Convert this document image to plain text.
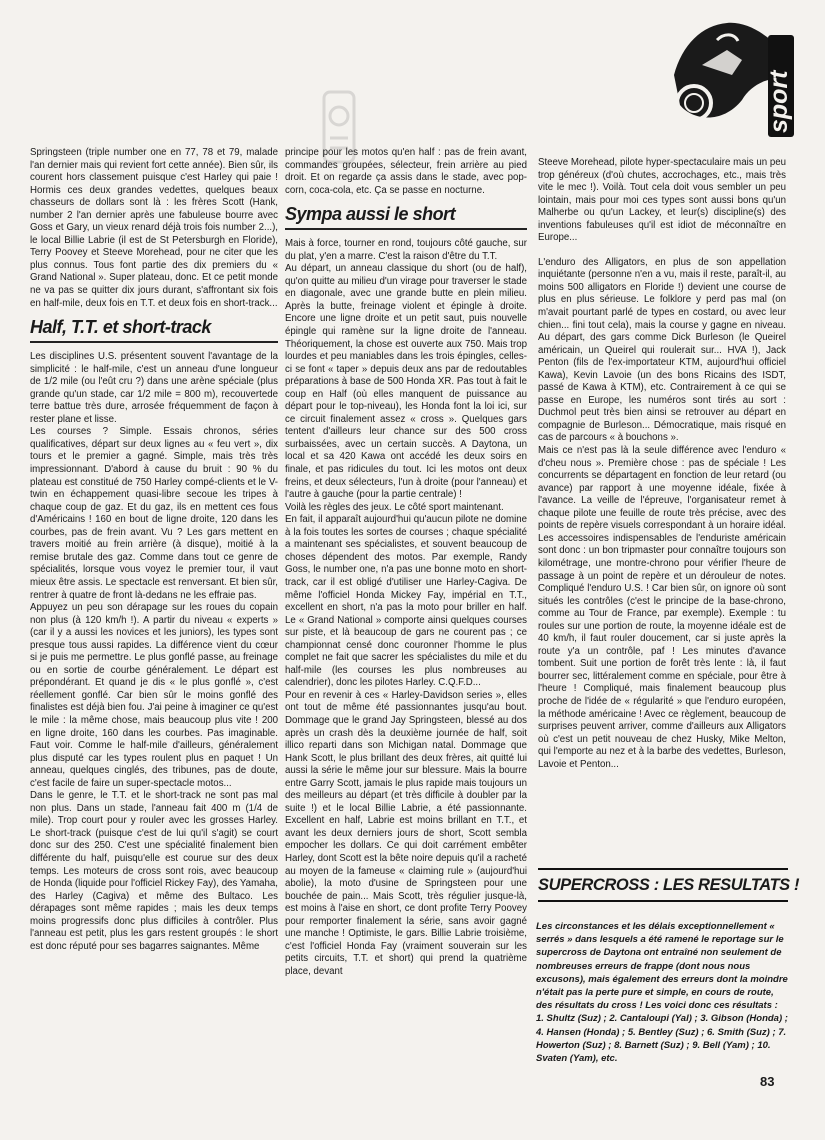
sport

Springsteen (triple number one en 77, 78 et 79, malade l'an dernier mais qui revient fort cette année). Bien sûr, ils courent hors classement puisque c'est Harley qui paie ! Hormis ces deux grandes vedettes, quelques beaux chasseurs de dollars sont là : les frères Scott (Hank, number 2 l'an dernier après une fabuleuse bourre avec Goss et Gary, un vieux renard déjà trois fois number 2...), le local Billie Labrie (il est de St Petersburgh en Floride), Terry Poovey et Steeve Morehead, pour ne citer que les plus connus. Tous font partie des dix premiers du « Grand National ». Super plateau, donc. Et ce petit monde ne va pas se quitter dix jours durant, s'affrontant six fois en half-mile, deux fois en T.T. et deux fois en short-track...

Half, T.T. et short-track

Les disciplines U.S. présentent souvent l'avantage de la simplicité : le half-mile, c'est un anneau d'une longueur de 1/2 mile (ou l'eût cru ?) dans une arène spéciale (plus grande qu'un stade, car 1/2 mile = 800 m), recouvertede terre battue très dure, arrosée fréquemment de façon à rester plane et lisse.

Les courses ? Simple. Essais chronos, séries qualificatives, départ sur deux lignes au « feu vert », dix tours et le premier a gagné. Simple, mais très très impressionnant. D'abord à cause du bruit : 90 % du plateau est constitué de 750 Harley compé-clients et le V-twin en échappement quasi-libre secoue les tripes à chaque coup de gaz. Et du gaz, ils en mettent ces fous d'Américains ! 160 en bout de ligne droite, 120 dans les courbes, pas de frein avant. Vu ? Les gars mettent en travers moitié au frein arrière (à disque), moitié à la remise brutale des gaz. Comme dans tout ce genre de spécialités, lorsque vous voyez le premier tour, il vaut mieux être assis. Le spectacle est renversant. Et bien sûr, rentrer à quatre de front là-dedans ne les effraie pas.

Appuyez un peu son dérapage sur les roues du copain non plus (à 120 km/h !). A partir du niveau « experts » (car il y a aussi les novices et les juniors), les types sont presque tous aussi rapides. La différence vient du cœur si je puis me permettre. Le plus gonflé passe, au freinage ou en sortie de courbe généralement. Le départ est prépondérant. Et quand je dis « le plus gonflé », c'est réellement gonflé. Car bien sûr le moins gonflé des finalistes est déjà bien fou. J'ai peine à imaginer ce qu'est le mile : la même chose, mais beaucoup plus vite ! 200 en ligne droite, 160 dans les courbes. Pas imaginable. Faut voir. Comme le half-mile d'ailleurs, généralement plus disputé car les types roulent plus en paquet ! Un anneau, quelques cinglés, des tribunes, pas de doute, c'est facile de faire un super-spectacle motos...

Dans le genre, le T.T. et le short-track ne sont pas mal non plus. Dans un stade, l'anneau fait 400 m (1/4 de mile). Trop court pour y rouler avec les grosses Harley. Le short-track (puisque c'est de lui qu'il s'agit) se court donc sur des 250. C'est une spécialité finalement bien différente du half, puisqu'elle est courue sur des deux temps. Les moteurs de cross sont rois, avec beaucoup de Honda (liquide pour l'officiel Rickey Fay), des Yamaha, des Harley (Cagiva) et même des Bultaco. Les dérapages sont même rapides ; mais les deux temps moins progressifs donc plus difficiles à contrôler. Plus l'anneau est petit, plus les gars restent groupés : le short est donc réputé pour ses bagarres saignantes. Même

principe pour les motos qu'en half : pas de frein avant, commandes groupées, sélecteur, frein arrière au pied droit. Et on regarde ça assis dans le stade, avec pop-corn, coca-cola, etc. Ça se passe en nocturne.

Sympa aussi le short

Mais à force, tourner en rond, toujours côté gauche, sur du plat, y'en a marre. C'est la raison d'être du T.T.

Au départ, un anneau classique du short (ou de half), qu'on quitte au milieu d'un virage pour traverser le stade en diagonale, avec une grande butte en plein milieu. Après la butte, freinage violent et épingle à droite. Encore une ligne droite et un petit saut, puis nouvelle épingle qui ramène sur la ligne droite de l'anneau. Théoriquement, la chose est ouverte aux 750. Mais trop lourdes et peu maniables dans les trois épingles, celles-ci se font « taper » depuis deux ans par de redoutables préparations à base de 500 Honda XR. Pas tout à fait le coup en Half (où elles manquent de puissance au départ pour le top-niveau), les Honda font la loi ici, sur ce circuit finalement assez « cross ». Quelques gars tentent d'ailleurs leur chance sur des 500 cross surbaissées, avec un certain succès. A Daytona, un local et sa 420 Kawa ont accédé les deux soirs en finale, et pas ridicules du tout. Ici les motos ont deux freins, et deux sélecteurs, l'un à droite (pour l'anneau) et l'autre à gauche (pour la partie centrale) !

Voilà les règles des jeux. Le côté sport maintenant.

En fait, il apparaît aujourd'hui qu'aucun pilote ne domine à la fois toutes les sortes de courses ; chaque spécialité a maintenant ses spécialistes, et souvent beaucoup de choses dépendent des motos. Par exemple, Randy Goss, le number one, n'a pas une bonne moto en short-track, car il est obligé d'utiliser une Harley-Cagiva. De même l'officiel Honda Mickey Fay, impérial en T.T., excellent en short, n'a pas la moto pour briller en half. Le « Grand National » comporte ainsi quelques courses sur piste, et là beaucoup de gars ne courent pas ; ce championnat censé donc couronner l'homme le plus complet ne fait que sacrer les spécialistes du mile et du half-mile (les courses les plus nombreuses au calendrier), donc les pilotes Harley. C.Q.F.D...

Pour en revenir à ces « Harley-Davidson series », elles ont tout de même été passionnantes jusqu'au bout. Dommage que le grand Jay Springsteen, blessé au dos après un crash dès la deuxième journée de half, soit illico reparti dans son Michigan natal. Dommage que Hank Scott, le plus brillant des deux frères, ait quitté lui aussi la série le même jour sur blessure. Mais la bourre entre Garry Scott, jamais le plus rapide mais toujours un des meilleurs au départ (et très difficile à doubler par la suite !) et le local Billie Labrie, a été passionnante. Excellent en half, Labrie est moins brillant en T.T., et avant les deux derniers jours de short, Scott sembla empocher les dollars. Ce qui doit carrément embêter Harley, dont Scott est la bête noire depuis qu'il a racheté au moyen de la fameuse « claiming rule » (aujourd'hui abolie), la moto d'usine de Springsteen pour une bouchée de pain... Mais Scott, très régulier jusque-là, est moins à l'aise en short, ce dont profite Terry Poovey pour remporter finalement la série, sans avoir gagné une manche ! Optimiste, le gars. Billie Labrie troisième, c'est l'officiel Honda Fay (vraiment souverain sur les petits circuits, T.T. et short) qui prend la quatrième place, devant

Steeve Morehead, pilote hyper-spectaculaire mais un peu trop généreux (d'où chutes, accrochages, etc., mais très vite le mec !). Voilà. Tout cela doit vous sembler un peu lointain, mais pour moi ces types sont aussi bons qu'un Malherbe ou qu'un Lackey, et leur(s) discipline(s) des inventions fabuleuses qu'il est idiot de méconnaître en Europe...

L'enduro des Alligators, en plus de son appellation inquiétante (personne n'en a vu, mais il reste, paraît-il, au moins 500 alligators en Floride !) devient une course de plus en plus sérieuse. Le folklore y perd pas mal (on m'avait pourtant parlé de types en costard, ou avec leur chien... fini tout cela), mais la course y gagne en niveau. Au départ, des gars comme Dick Burleson (le Queirel américain, un Queirel qui roulerait sur... HVA !), Jack Penton (fils de l'ex-importateur KTM, aujourd'hui officiel Kawa), Kevin Lavoie (un des bons Ricains des ISDT, passé de Kawa à KTM), etc. Contrairement à ce qui se passe en Europe, les numéros sont tirés au sort : Duchmol peut très bien ainsi se retrouver au départ en compagnie de Burleson... Démocratique, mais risqué en cas de parcours « à bouchons ».

Mais ce n'est pas là la seule différence avec l'enduro « d'cheu nous ». Première chose : pas de spéciale ! Les concurrents se départagent en fonction de leur retard (ou avance) par rapport à une moyenne idéale, fixée à l'avance. La veille de l'épreuve, l'organisateur remet à chaque pilote une feuille de route très précise, avec des points de repère visuels correspondant à un horaire idéal. Les accessoires indispensables de l'enduriste américain sont donc : un bon tripmaster pour connaître toujours son kilométrage, une montre-chrono pour vérifier l'heure de passage à un point de repère et un dérouleur de notes. Compliqué l'enduro U.S. ! Car bien sûr, on ignore où sont situés les contrôles (c'est le principe de la base-chrono, comme au Tour de France, par exemple). Exemple : tu roules sur une portion de route, la moyenne idéale est de 40 km/h, il faut rouler doucement, car si juste après la route y'a un contrôle, paf ! Les minutes d'avance tombent. Suit une portion de forêt très lente : là, il faut bourrer sec, littéralement comme en spéciale, pour être à l'heure ! Compliqué, mais finalement beaucoup plus proche de l'idée de « régularité » que l'enduro européen, la méthode américaine ! Avec ce règlement, beaucoup de surprises peuvent arriver, comme d'ailleurs aux Alligators où c'est un petit nouveau de chez Husky, Mike Melton, qui l'emporte au nez et à la barbe des vedettes, Burleson, Lavoie et Penton...

SUPERCROSS : LES RESULTATS !

Les circonstances et les délais exceptionnellement « serrés » dans lesquels a été ramené le reportage sur le supercross de Daytona ont entraîné non seulement de nombreuses erreurs de frappe (dont nous nous excusons), mais également des erreurs dont la moindre n'était pas la perte pure et simple, en cours de route, des résultats du cross ! Les voici donc ces résultats :

1. Shultz (Suz) ; 2. Cantaloupi (Yal) ; 3. Gibson (Honda) ; 4. Hansen (Honda) ; 5. Bentley (Suz) ; 6. Smith (Suz) ; 7. Howerton (Suz) ; 8. Barnett (Suz) ; 9. Bell (Yam) ; 10. Svaten (Yam), etc.

83
